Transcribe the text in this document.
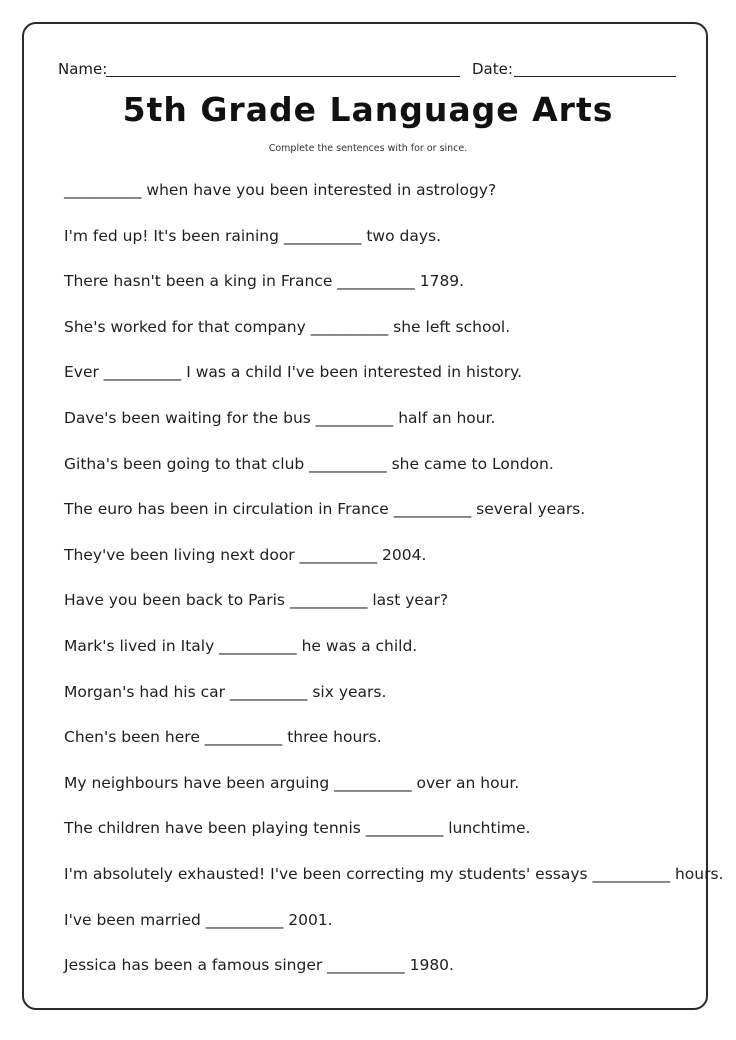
Name:	Date:
5th Grade Language Arts
Complete the sentences with for or since.
__________ when have you been interested in astrology?
I'm fed up! It's been raining __________ two days.
There hasn't been a king in France __________ 1789.
She's worked for that company __________ she left school.
Ever __________ I was a child I've been interested in history.
Dave's been waiting for the bus __________ half an hour.
Githa's been going to that club __________ she came to London.
The euro has been in circulation in France __________ several years.
They've been living next door __________ 2004.
Have you been back to Paris __________ last year?
Mark's lived in Italy __________ he was a child.
Morgan's had his car __________ six years.
Chen's been here __________ three hours.
My neighbours have been arguing __________ over an hour.
The children have been playing tennis __________ lunchtime.
I'm absolutely exhausted! I've been correcting my students' essays __________ hours.
I've been married __________ 2001.
Jessica has been a famous singer __________ 1980.
